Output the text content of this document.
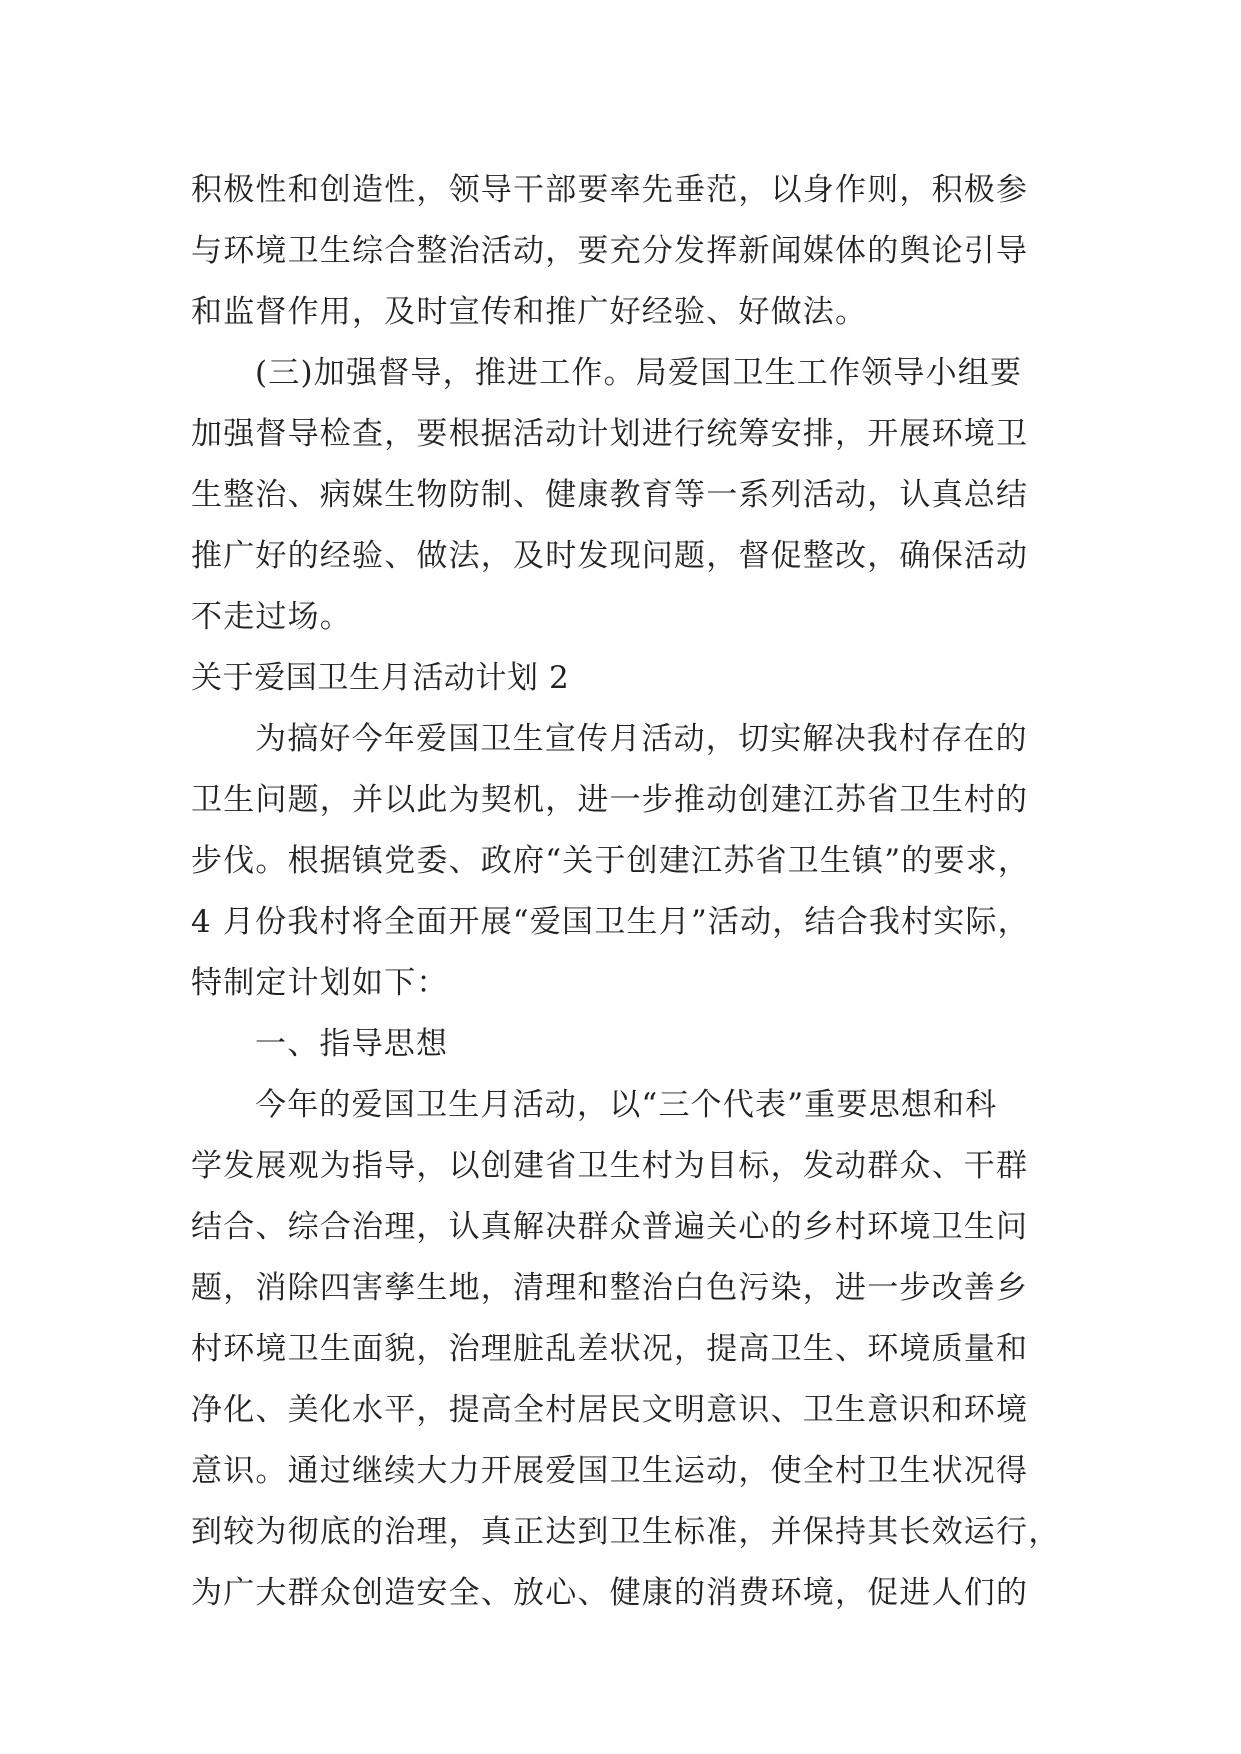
积极性和创造性，领导干部要率先垂范，以身作则，积极参
与环境卫生综合整治活动，要充分发挥新闻媒体的舆论引导
和监督作用，及时宣传和推广好经验、好做法。
(三)加强督导，推进工作。局爱国卫生工作领导小组要
加强督导检查，要根据活动计划进行统筹安排，开展环境卫
生整治、病媒生物防制、健康教育等一系列活动，认真总结
推广好的经验、做法，及时发现问题，督促整改，确保活动
不走过场。
关于爱国卫生月活动计划 2
为搞好今年爱国卫生宣传月活动，切实解决我村存在的
卫生问题，并以此为契机，进一步推动创建江苏省卫生村的
步伐。根据镇党委、政府“关于创建江苏省卫生镇”的要求，
4 月份我村将全面开展“爱国卫生月”活动，结合我村实际，
特制定计划如下：
一、指导思想
今年的爱国卫生月活动，以“三个代表”重要思想和科
学发展观为指导，以创建省卫生村为目标，发动群众、干群
结合、综合治理，认真解决群众普遍关心的乡村环境卫生问
题，消除四害孳生地，清理和整治白色污染，进一步改善乡
村环境卫生面貌，治理脏乱差状况，提高卫生、环境质量和
净化、美化水平，提高全村居民文明意识、卫生意识和环境
意识。通过继续大力开展爱国卫生运动，使全村卫生状况得
到较为彻底的治理，真正达到卫生标准，并保持其长效运行，
为广大群众创造安全、放心、健康的消费环境，促进人们的
